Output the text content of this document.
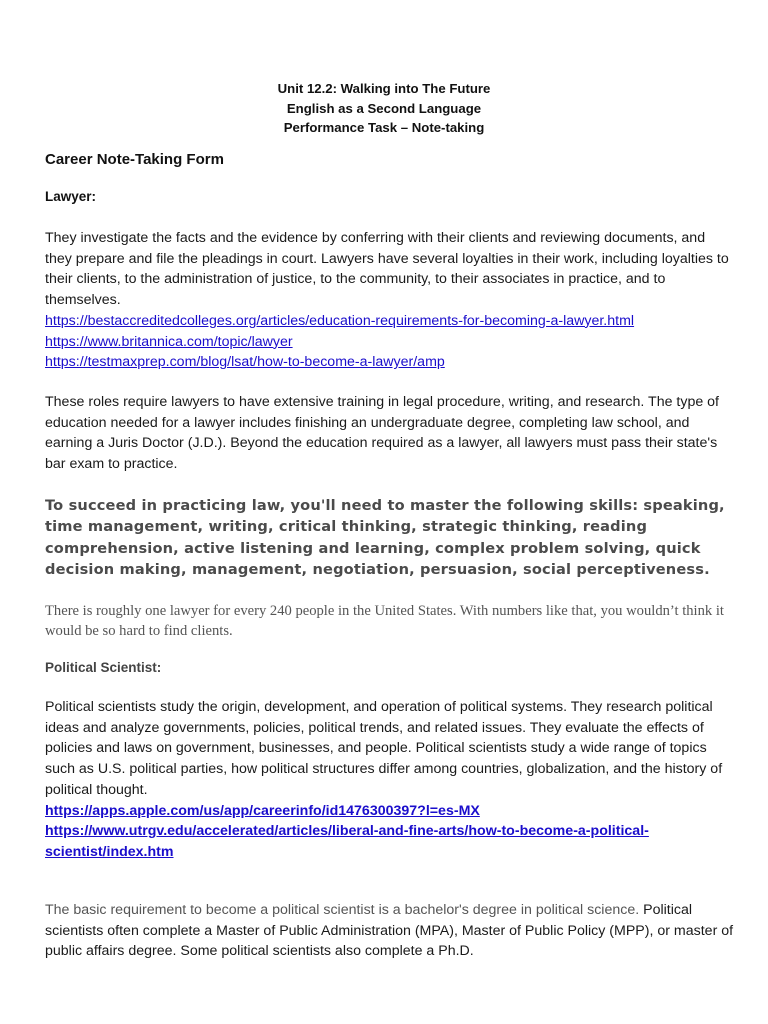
Unit 12.2: Walking into The Future
English as a Second Language
Performance Task – Note-taking
Career Note-Taking Form
Lawyer:
They investigate the facts and the evidence by conferring with their clients and reviewing documents, and they prepare and file the pleadings in court. Lawyers have several loyalties in their work, including loyalties to their clients, to the administration of justice, to the community, to their associates in practice, and to themselves.
https://bestaccreditedcolleges.org/articles/education-requirements-for-becoming-a-lawyer.html
https://www.britannica.com/topic/lawyer
https://testmaxprep.com/blog/lsat/how-to-become-a-lawyer/amp
These roles require lawyers to have extensive training in legal procedure, writing, and research. The type of education needed for a lawyer includes finishing an undergraduate degree, completing law school, and earning a Juris Doctor (J.D.). Beyond the education required as a lawyer, all lawyers must pass their state's bar exam to practice.
To succeed in practicing law, you'll need to master the following skills: speaking, time management, writing, critical thinking, strategic thinking, reading comprehension, active listening and learning, complex problem solving, quick decision making, management, negotiation, persuasion, social perceptiveness.
There is roughly one lawyer for every 240 people in the United States. With numbers like that, you wouldn’t think it would be so hard to find clients.
Political Scientist:
Political scientists study the origin, development, and operation of political systems. They research political ideas and analyze governments, policies, political trends, and related issues. They evaluate the effects of policies and laws on government, businesses, and people. Political scientists study a wide range of topics such as U.S. political parties, how political structures differ among countries, globalization, and the history of political thought.
https://apps.apple.com/us/app/careerinfo/id1476300397?l=es-MX
https://www.utrgv.edu/accelerated/articles/liberal-and-fine-arts/how-to-become-a-political-scientist/index.htm
The basic requirement to become a political scientist is a bachelor's degree in political science. Political scientists often complete a Master of Public Administration (MPA), Master of Public Policy (MPP), or master of public affairs degree. Some political scientists also complete a Ph.D.
